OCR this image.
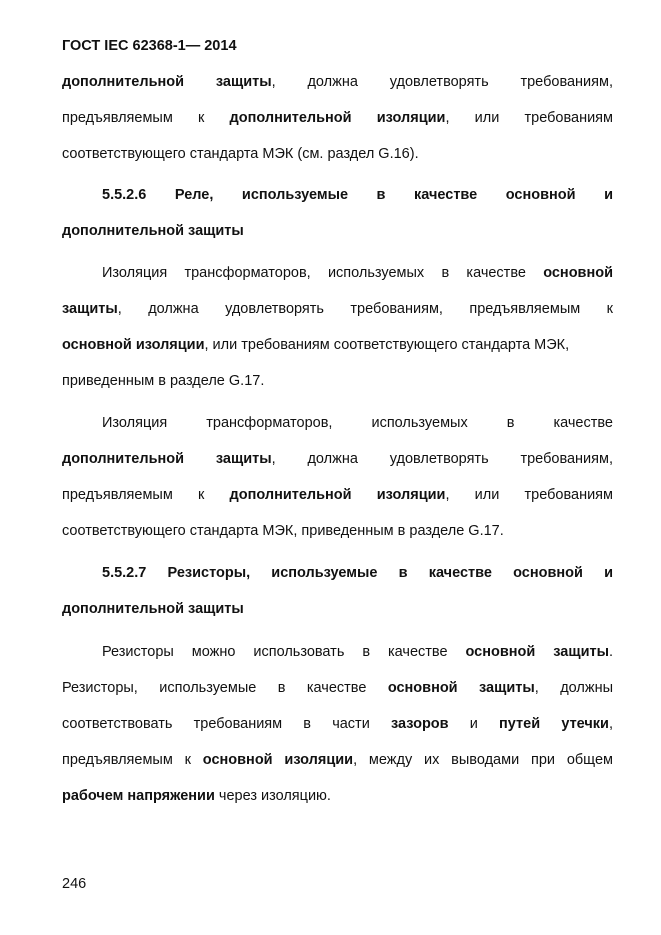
ГОСТ IEC 62368-1— 2014
дополнительной защиты, должна удовлетворять требованиям,
предъявляемым к дополнительной изоляции, или требованиям
соответствующего стандарта МЭК (см. раздел G.16).
5.5.2.6 Реле, используемые в качестве основной и
дополнительной защиты
Изоляция трансформаторов, используемых в качестве основной
защиты, должна удовлетворять требованиям, предъявляемым к
основной изоляции, или требованиям соответствующего стандарта МЭК,
приведенным в разделе G.17.
Изоляция трансформаторов, используемых в качестве
дополнительной защиты, должна удовлетворять требованиям,
предъявляемым к дополнительной изоляции, или требованиям
соответствующего стандарта МЭК, приведенным в разделе G.17.
5.5.2.7 Резисторы, используемые в качестве основной и
дополнительной защиты
Резисторы можно использовать в качестве основной защиты.
Резисторы, используемые в качестве основной защиты, должны
соответствовать требованиям в части зазоров и путей утечки,
предъявляемым к основной изоляции, между их выводами при общем
рабочем напряжении через изоляцию.
246
